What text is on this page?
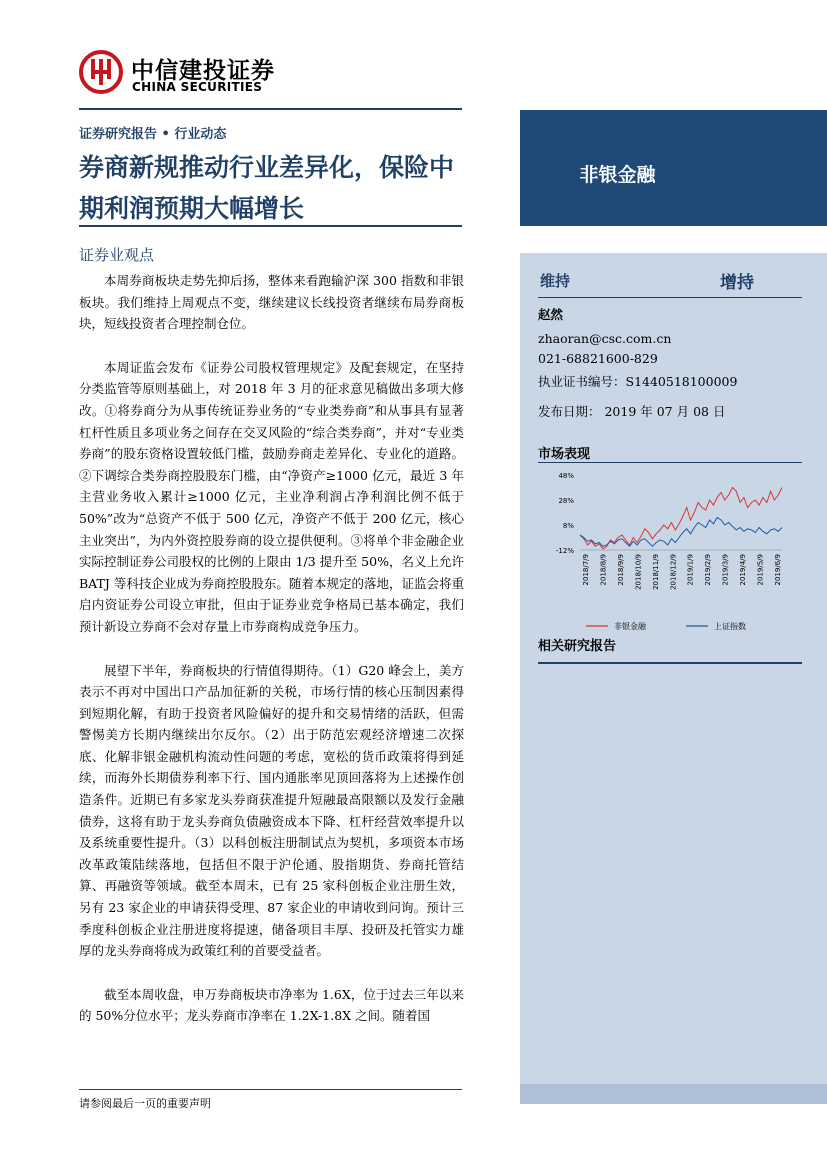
中信建投证券
CHINA SECURITIES
证券研究报告 • 行业动态
券商新规推动行业差异化，保险中期利润预期大幅增长
证券业观点

本周券商板块走势先抑后扬，整体来看跑输沪深 300 指数和非银板块。我们维持上周观点不变，继续建议长线投资者继续布局券商板块，短线投资者合理控制仓位。

本周证监会发布《证券公司股权管理规定》及配套规定，在坚持分类监管等原则基础上，对 2018 年 3 月的征求意见稿做出多项大修改。①将券商分为从事传统证券业务的“专业类券商”和从事具有显著杠杆性质且多项业务之间存在交叉风险的“综合类券商”，并对“专业类券商”的股东资格设置较低门槛，鼓励券商走差异化、专业化的道路。②下调综合类券商控股股东门槛，由“净资产≥1000 亿元，最近 3 年主营业务收入累计≥1000 亿元，主业净利润占净利润比例不低于 50%”改为“总资产不低于 500 亿元，净资产不低于 200 亿元，核心主业突出”，为内外资控股券商的设立提供便利。③将单个非金融企业实际控制证券公司股权的比例的上限由 1/3 提升至 50%，名义上允许 BATJ 等科技企业成为券商控股股东。随着本规定的落地，证监会将重启内资证券公司设立审批，但由于证券业竞争格局已基本确定，我们预计新设立券商不会对存量上市券商构成竞争压力。

展望下半年，券商板块的行情值得期待。（1）G20 峰会上，美方表示不再对中国出口产品加征新的关税，市场行情的核心压制因素得到短期化解，有助于投资者风险偏好的提升和交易情绪的活跃，但需警惕美方长期内继续出尔反尔。（2）出于防范宏观经济增速二次探底、化解非银金融机构流动性问题的考虑，宽松的货币政策将得到延续，而海外长期债券利率下行、国内通胀率见顶回落将为上述操作创造条件。近期已有多家龙头券商获准提升短融最高限额以及发行金融债券，这将有助于龙头券商负债融资成本下降、杠杆经营效率提升以及系统重要性提升。（3）以科创板注册制试点为契机，多项资本市场改革政策陆续落地，包括但不限于沪伦通、股指期货、券商托管结算、再融资等领域。截至本周末，已有 25 家科创板企业注册生效，另有 23 家企业的申请获得受理、87 家企业的申请收到问询。预计三季度科创板企业注册进度将提速，储备项目丰厚、投研及托管实力雄厚的龙头券商将成为政策红利的首要受益者。

截至本周收盘，申万券商板块市净率为 1.6X，位于过去三年以来的 50%分位水平；龙头券商市净率在 1.2X-1.8X 之间。随着国

请参阅最后一页的重要声明
非银金融
维持	增持
赵然
zhaoran@csc.com.cn
021-68821600-829
执业证书编号：S1440518100009
发布日期： 2019 年 07 月 08 日
市场表现
48%
28%
8%
-12%
2018/7/9 2018/8/9 2018/9/9 2018/10/9 2018/11/9 2018/12/9 2019/1/9 2019/2/9 2019/3/9 2019/4/9 2019/5/9 2019/6/9
非银金融	上证指数
相关研究报告
